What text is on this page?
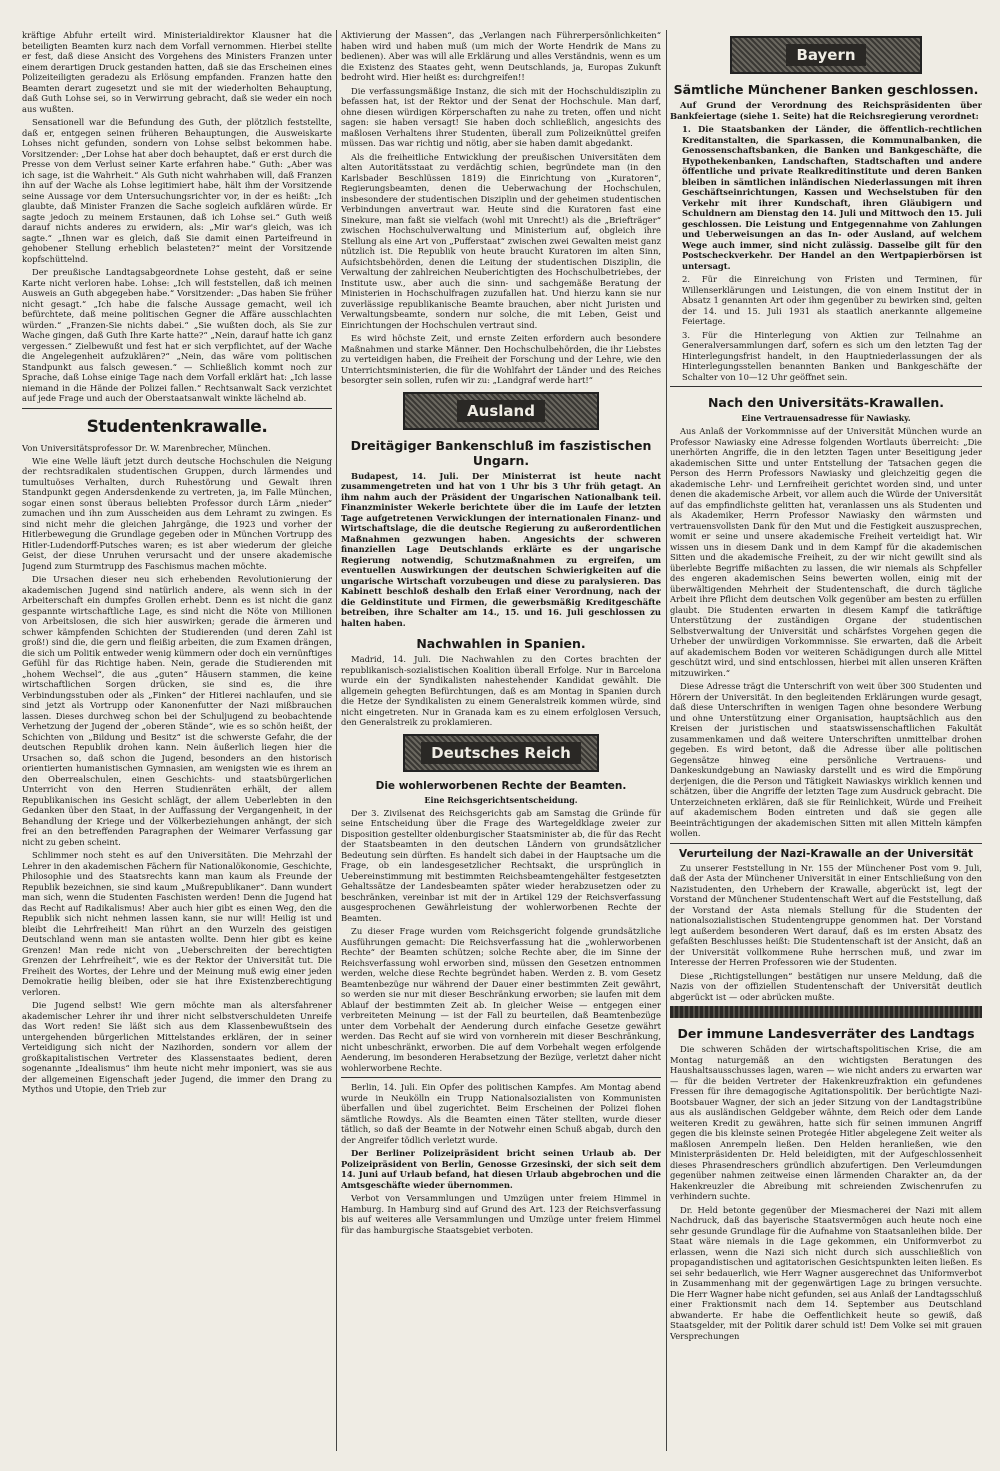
kräftige Abfuhr erteilt wird. Ministerialdirektor Klausner hat die beteiligten Beamten kurz nach dem Vorfall vernommen. Hierbei stellte er fest, daß diese Ansicht des Vorgehens des Ministers Franzen unter einem derartigen Druck gestanden hatten, daß sie das Erscheinen eines Polizeiteiligten geradezu als Erlösung empfanden. Franzen hatte den Beamten derart zugesetzt und sie mit der wiederholten Behauptung, daß Guth Lohse sei, so in Verwirrung gebracht, daß sie weder ein noch aus wußten.

Sensationell war die Befundung des Guth, der plötzlich feststellte, daß er, entgegen seinen früheren Behauptungen, die Ausweiskarte Lohses nicht gefunden, sondern von Lohse selbst bekommen habe. Vorsitzender: „Der Lohse hat aber doch behauptet, daß er erst durch die Presse von dem Verlust seiner Karte erfahren habe.“ Guth: „Aber was ich sage, ist die Wahrheit.“ Als Guth nicht wahrhaben will, daß Franzen ihn auf der Wache als Lohse legitimiert habe, hält ihm der Vorsitzende seine Aussage vor dem Untersuchungsrichter vor, in der es heißt: „Ich glaubte, daß Minister Franzen die Sache sogleich aufklären würde. Er sagte jedoch zu meinem Erstaunen, daß ich Lohse sei.“ Guth weiß darauf nichts anderes zu erwidern, als: „Mir war's gleich, was ich sagte.“ „Ihnen war es gleich, daß Sie damit einen Parteifreund in gehobener Stellung erheblich belasteten?“ meint der Vorsitzende kopfschüttelnd.

Der preußische Landtagsabgeordnete Lohse gesteht, daß er seine Karte nicht verloren habe. Lohse: „Ich will feststellen, daß ich meinen Ausweis an Guth abgegeben habe.“ Vorsitzender: „Das haben Sie früher nicht gesagt.“ „Ich habe die falsche Aussage gemacht, weil ich befürchtete, daß meine politischen Gegner die Affäre ausschlachten würden.“ „Franzen-Sie nichts dabei.“ „Sie wußten doch, als Sie zur Wache gingen, daß Guth Ihre Karte hatte?“ „Nein, darauf hatte ich ganz vergessen.“ Zielbewußt und fest hat er sich verpflichtet, auf der Wache die Angelegenheit aufzuklären?“ „Nein, das wäre vom politischen Standpunkt aus falsch gewesen.“ — Schließlich kommt noch zur Sprache, daß Lohse einige Tage nach dem Vorfall erklärt hat: „Ich lasse niemand in die Hände der Polizei fallen.“ Rechtsanwalt Sack verzichtet auf jede Frage und auch der Oberstaatsanwalt winkte lächelnd ab.

Studentenkrawalle.
Von Universitätsprofessor Dr. W. Marenbrecher, München.

Wie eine Welle läuft jetzt durch deutsche Hochschulen die Neigung der rechtsradikalen studentischen Gruppen, durch lärmendes und tumultuöses Verhalten, durch Ruhestörung und Gewalt ihren Standpunkt gegen Andersdenkende zu vertreten, ja, im Falle München, sogar einen sonst überaus beliebten Professor durch Lärm „nieder“ zumachen und ihn zum Ausscheiden aus dem Lehramt zu zwingen. Es sind nicht mehr die gleichen Jahrgänge, die 1923 und vorher der Hitlerbewegung die Grundlage gegeben oder in München Vortrupp des Hitler-Ludendorff-Putsches waren; es ist aber wiederum der gleiche Geist, der diese Unruhen verursacht und der unsere akademische Jugend zum Sturmtrupp des Faschismus machen möchte.

Die Ursachen dieser neu sich erhebenden Revolutionierung der akademischen Jugend sind natürlich andere, als wenn sich in der Arbeiterschaft ein dumpfes Grollen erhebt. Denn es ist nicht die ganz gespannte wirtschaftliche Lage, es sind nicht die Nöte von Millionen von Arbeitslosen, die sich hier auswirken; gerade die ärmeren und schwer kämpfenden Schichten der Studierenden (und deren Zahl ist groß!) sind die, die gern und fleißig arbeiten, die zum Examen drängen, die sich um Politik entweder wenig kümmern oder doch ein vernünftiges Gefühl für das Richtige haben. Nein, gerade die Studierenden mit „hohem Wechsel“, die aus „guten“ Häusern stammen, die keine wirtschaftlichen Sorgen drücken, sie sind es, die ihre Verbindungsstuben oder als „Finken“ der Hitlerei nachlaufen, und sie sind jetzt als Vortrupp oder Kanonenfutter der Nazi mißbrauchen lassen. Dieses durchweg schon bei der Schuljugend zu beobachtende Verhetzung der Jugend der „oberen Stände“, wie es so schön heißt, der Schichten von „Bildung und Besitz“ ist die schwerste Gefahr, die der deutschen Republik drohen kann. Nein äußerlich liegen hier die Ursachen so, daß schon die Jugend, besonders an den historisch orientierten humanistischen Gymnasien, am wenigsten wie es ihrem an den Oberrealschulen, einen Geschichts- und staatsbürgerlichen Unterricht von den Herren Studienräten erhält, der allem Republikanischen ins Gesicht schlägt, der allem Ueberlebten in den Gedanken über den Staat, in der Auffassung der Vergangenheit, in der Behandlung der Kriege und der Völkerbeziehungen anhängt, der sich frei an den betreffenden Paragraphen der Weimarer Verfassung gar nicht zu geben scheint.

Schlimmer noch steht es auf den Universitäten. Die Mehrzahl der Lehrer in den akademischen Fächern für Nationalökonomie, Geschichte, Philosophie und des Staatsrechts kann man kaum als Freunde der Republik bezeichnen, sie sind kaum „Mußrepublikaner“. Dann wundert man sich, wenn die Studenten Faschisten werden! Denn die Jugend hat das Recht auf Radikalismus! Aber auch hier gibt es einen Weg, den die Republik sich nicht nehmen lassen kann, sie nur will! Heilig ist und bleibt die Lehrfreiheit! Man rührt an den Wurzeln des geistigen Deutschland wenn man sie antasten wollte. Denn hier gibt es keine Grenzen! Man rede nicht von „Ueberschreiten der berechtigten Grenzen der Lehrfreiheit“, wie es der Rektor der Universität tut. Die Freiheit des Wortes, der Lehre und der Meinung muß ewig einer jeden Demokratie heilig bleiben, oder sie hat ihre Existenzberechtigung verloren.

Die Jugend selbst! Wie gern möchte man als altersfahrener akademischer Lehrer ihr und ihrer nicht selbstverschuldeten Unreife das Wort reden! Sie läßt sich aus dem Klassenbewußtsein des untergehenden bürgerlichen Mittelstandes erklären, der in seiner Verteidigung sich nicht der Nazihorden, sondern vor allem der großkapitalistischen Vertreter des Klassenstaates bedient, deren sogenannte „Idealismus“ ihm heute nicht mehr imponiert, was sie aus der allgemeinen Eigenschaft jeder Jugend, die immer den Drang zu Mythos und Utopie, den Trieb zur

Aktivierung der Massen“, das „Verlangen nach Führerpersönlichkeiten“ haben wird und haben muß (um mich der Worte Hendrik de Mans zu bedienen). Aber was will alle Erklärung und alles Verständnis, wenn es um die Existenz des Staates geht, wenn Deutschlands, ja, Europas Zukunft bedroht wird. Hier heißt es: durchgreifen!!

Die verfassungsmäßige Instanz, die sich mit der Hochschuldisziplin zu befassen hat, ist der Rektor und der Senat der Hochschule. Man darf, ohne diesen würdigen Körperschaften zu nahe zu treten, offen und nicht sagen: sie haben versagt! Sie haben doch schließlich, angesichts des maßlosen Verhaltens ihrer Studenten, überall zum Polizeiknüttel greifen müssen. Das war richtig und nötig, aber sie haben damit abgedankt.

Als die freiheitliche Entwicklung der preußischen Universitäten dem alten Autoritätsstaat zu verdächtig schien, begründete man (in den Karlsbader Beschlüssen 1819) die Einrichtung von „Kuratoren“, Regierungsbeamten, denen die Ueberwachung der Hochschulen, insbesondere der studentischen Disziplin und der geheimen studentischen Verbindungen anvertraut war. Heute sind die Kuratoren fast eine Sinekure, man faßt sie vielfach (wohl mit Unrecht!) als die „Briefträger“ zwischen Hochschulverwaltung und Ministerium auf, obgleich ihre Stellung als eine Art von „Pufferstaat“ zwischen zwei Gewalten meist ganz nützlich ist. Die Republik von heute braucht Kuratoren im alten Sinn, Aufsichtsbehörden, denen die Leitung der studentischen Disziplin, die Verwaltung der zahlreichen Neuberichtigten des Hochschulbetriebes, der Institute usw., aber auch die sinn- und sachgemäße Beratung der Ministerien in Hochschulfragen zuzufallen hat. Und hierzu kann sie nur zuverlässige republikanische Beamte brauchen, aber nicht Juristen und Verwaltungsbeamte, sondern nur solche, die mit Leben, Geist und Einrichtungen der Hochschulen vertraut sind.

Es wird höchste Zeit, und ernste Zeiten erfordern auch besondere Maßnahmen und starke Männer. Den Hochschulbehörden, die ihr Liebstes zu verteidigen haben, die Freiheit der Forschung und der Lehre, wie den Unterrichtsministerien, die für die Wohlfahrt der Länder und des Reiches besorgter sein sollen, rufen wir zu: „Landgraf werde hart!“

Ausland
Dreitägiger Bankenschluß im faszistischen Ungarn.

Budapest, 14. Juli. Der Ministerrat ist heute nacht zusammengetreten und hat von 1 Uhr bis 3 Uhr früh getagt. An ihm nahm auch der Präsident der Ungarischen Nationalbank teil. Finanzminister Wekerle berichtete über die im Laufe der letzten Tage aufgetretenen Verwicklungen der internationalen Finanz- und Wirtschaftslage, die die deutsche Regierung zu außerordentlichen Maßnahmen gezwungen haben. Angesichts der schweren finanziellen Lage Deutschlands erklärte es der ungarische Regierung notwendig, Schutzmaßnahmen zu ergreifen, um eventuellen Auswirkungen der deutschen Schwierigkeiten auf die ungarische Wirtschaft vorzubeugen und diese zu paralysieren. Das Kabinett beschloß deshalb den Erlaß einer Verordnung, nach der die Geldinstitute und Firmen, die gewerbsmäßig Kreditgeschäfte betreiben, ihre Schalter am 14., 15. und 16. Juli geschlossen zu halten haben.

Nachwahlen in Spanien.

Madrid, 14. Juli. Die Nachwahlen zu den Cortes brachten der republikanisch-sozialistischen Koalition überall Erfolge. Nur in Barcelona wurde ein der Syndikalisten nahestehender Kandidat gewählt. Die allgemein gehegten Befürchtungen, daß es am Montag in Spanien durch die Hetze der Syndikalisten zu einem Generalstreik kommen würde, sind nicht eingetreten. Nur in Granada kam es zu einem erfolglosen Versuch, den Generalstreik zu proklamieren.

Deutsches Reich
Die wohlerworbenen Rechte der Beamten.
Eine Reichsgerichtsentscheidung.

Der 3. Zivilsenat des Reichsgerichts gab am Samstag die Gründe für seine Entscheidung über die Frage des Wartegeldklage zweier zur Disposition gestellter oldenburgischer Staatsminister ab, die für das Recht der Staatsbeamten in den deutschen Ländern von grundsätzlicher Bedeutung sein dürften. Es handelt sich dabei in der Hauptsache um die Frage, ob ein landesgesetzlicher Rechtsakt, die ursprünglich in Uebereinstimmung mit bestimmten Reichsbeamtengehälter festgesetzten Gehaltssätze der Landesbeamten später wieder herabzusetzen oder zu beschränken, vereinbar ist mit der in Artikel 129 der Reichsverfassung ausgesprochenen Gewährleistung der wohlerworbenen Rechte der Beamten.

Zu dieser Frage wurden vom Reichsgericht folgende grundsätzliche Ausführungen gemacht: Die Reichsverfassung hat die „wohlerworbenen Rechte“ der Beamten schützen; solche Rechte aber, die im Sinne der Reichsverfassung wohl erworben sind, müssen den Gesetzen entnommen werden, welche diese Rechte begründet haben. Werden z. B. vom Gesetz Beamtenbezüge nur während der Dauer einer bestimmten Zeit gewährt, so werden sie nur mit dieser Beschränkung erworben; sie laufen mit dem Ablauf der bestimmten Zeit ab. In gleicher Weise — entgegen einer verbreiteten Meinung — ist der Fall zu beurteilen, daß Beamtenbezüge unter dem Vorbehalt der Aenderung durch einfache Gesetze gewährt werden. Das Recht auf sie wird von vornherein mit dieser Beschränkung, nicht unbeschränkt, erworben. Die auf dem Vorbehalt wegen erfolgende Aenderung, im besonderen Herabsetzung der Bezüge, verletzt daher nicht wohlerworbene Rechte.

Berlin, 14. Juli. Ein Opfer des politischen Kampfes. Am Montag abend wurde in Neukölln ein Trupp Nationalsozialisten von Kommunisten überfallen und übel zugerichtet. Beim Erscheinen der Polizei flohen sämtliche Rowdys. Als die Beamten einen Täter stellten, wurde dieser tätlich, so daß der Beamte in der Notwehr einen Schuß abgab, durch den der Angreifer tödlich verletzt wurde.

Der Berliner Polizeipräsident bricht seinen Urlaub ab. Der Polizeipräsident von Berlin, Genosse Grzesinski, der sich seit dem 14. Juni auf Urlaub befand, hat diesen Urlaub abgebrochen und die Amtsgeschäfte wieder übernommen.

Verbot von Versammlungen und Umzügen unter freiem Himmel in Hamburg. In Hamburg sind auf Grund des Art. 123 der Reichsverfassung bis auf weiteres alle Versammlungen und Umzüge unter freiem Himmel für das hamburgische Staatsgebiet verboten.

Bayern
Sämtliche Münchener Banken geschlossen.

Auf Grund der Verordnung des Reichspräsidenten über Bankfeiertage (siehe 1. Seite) hat die Reichsregierung verordnet:

1. Die Staatsbanken der Länder, die öffentlich-rechtlichen Kreditanstalten, die Sparkassen, die Kommunalbanken, die Genossenschaftsbanken, die Banken und Bankgeschäfte, die Hypothekenbanken, Landschaften, Stadtschaften und andere öffentliche und private Realkreditinstitute und deren Banken bleiben in sämtlichen inländischen Niederlassungen mit ihren Geschäftseinrichtungen, Kassen und Wechselstuben für den Verkehr mit ihrer Kundschaft, ihren Gläubigern und Schuldnern am Dienstag den 14. Juli und Mittwoch den 15. Juli geschlossen. Die Leistung und Entgegennahme von Zahlungen und Ueberweisungen an das In- oder Ausland, auf welchem Wege auch immer, sind nicht zulässig. Dasselbe gilt für den Postscheckverkehr. Der Handel an den Wertpapierbörsen ist untersagt.

2. Für die Einreichung von Fristen und Terminen, für Willenserklärungen und Leistungen, die von einem Institut der in Absatz 1 genannten Art oder ihm gegenüber zu bewirken sind, gelten der 14. und 15. Juli 1931 als staatlich anerkannte allgemeine Feiertage.

3. Für die Hinterlegung von Aktien zur Teilnahme an Generalversammlungen darf, sofern es sich um den letzten Tag der Hinterlegungsfrist handelt, in den Hauptniederlassungen der als Hinterlegungsstellen benannten Banken und Bankgeschäfte der Schalter von 10—12 Uhr geöffnet sein.

Nach den Universitäts-Krawallen.
Eine Vertrauensadresse für Nawiasky.

Aus Anlaß der Vorkommnisse auf der Universität München wurde an Professor Nawiasky eine Adresse folgenden Wortlauts überreicht: „Die unerhörten Angriffe, die in den letzten Tagen unter Beseitigung jeder akademischen Sitte und unter Entstellung der Tatsachen gegen die Person des Herrn Professors Nawiasky und gleichzeitig gegen die akademische Lehr- und Lernfreiheit gerichtet worden sind, und unter denen die akademische Arbeit, vor allem auch die Würde der Universität auf das empfindlichste gelitten hat, veranlassen uns als Studenten und als Akademiker, Herrn Professor Nawiasky den wärmsten und vertrauensvollsten Dank für den Mut und die Festigkeit auszusprechen, womit er seine und unsere akademische Freiheit verteidigt hat. Wir wissen uns in diesem Dank und in dem Kampf für die akademischen Sitten und die akademische Freiheit, zu der wir nicht gewillt sind als überlebte Begriffe mißachten zu lassen, die wir niemals als Schpfeller des engeren akademischen Seins bewerten wollen, einig mit der überwältigenden Mehrheit der Studentenschaft, die durch tägliche Arbeit ihre Pflicht dem deutschen Volk gegenüber am besten zu erfüllen glaubt. Die Studenten erwarten in diesem Kampf die tatkräftige Unterstützung der zuständigen Organe der studentischen Selbstverwaltung der Universität und schärfstes Vorgehen gegen die Urheber der unwürdigen Vorkommnisse. Sie erwarten, daß die Arbeit auf akademischem Boden vor weiteren Schädigungen durch alle Mittel geschützt wird, und sind entschlossen, hierbei mit allen unseren Kräften mitzuwirken.“

Diese Adresse trägt die Unterschrift von weit über 300 Studenten und Hörern der Universität. In den begleitenden Erklärungen wurde gesagt, daß diese Unterschriften in wenigen Tagen ohne besondere Werbung und ohne Unterstützung einer Organisation, hauptsächlich aus den Kreisen der juristischen und staatswissenschaftlichen Fakultät zusammenkamen und daß weitere Unterschriften unmittelbar drohen gegeben. Es wird betont, daß die Adresse über alle politischen Gegensätze hinweg eine persönliche Vertrauens- und Dankeskundgebung an Nawiasky darstellt und es wird die Empörung derjenigen, die die Person und Tätigkeit Nawiaskys wirklich kennen und schätzen, über die Angriffe der letzten Tage zum Ausdruck gebracht. Die Unterzeichneten erklären, daß sie für Reinlichkeit, Würde und Freiheit auf akademischem Boden eintreten und daß sie gegen alle Beeinträchtigungen der akademischen Sitten mit allen Mitteln kämpfen wollen.

Verurteilung der Nazi-Krawalle an der Universität

Zu unserer Feststellung in Nr. 155 der Münchener Post vom 9. Juli, daß der Asta der Münchener Universität in einer Entschließung von den Nazistudenten, den Urhebern der Krawalle, abgerückt ist, legt der Vorstand der Münchener Studentenschaft Wert auf die Feststellung, daß der Vorstand der Asta niemals Stellung für die Studenten der nationalsozialistischen Studentengruppe genommen hat. Der Vorstand legt außerdem besonderen Wert darauf, daß es im ersten Absatz des gefaßten Beschlusses heißt: Die Studentenschaft ist der Ansicht, daß an der Universität vollkommene Ruhe herrschen muß, und zwar im Interesse der Herren Professoren wie der Studenten.

Diese „Richtigstellungen“ bestätigen nur unsere Meldung, daß die Nazis von der offiziellen Studentenschaft der Universität deutlich abgerückt ist — oder abrücken mußte.

Der immune Landesverräter des Landtags

Die schweren Schäden der wirtschaftspolitischen Krise, die am Montag naturgemäß an den wichtigsten Beratungen des Haushaltsausschusses lagen, waren — wie nicht anders zu erwarten war — für die beiden Vertreter der Hakenkreuzfraktion ein gefundenes Fressen für ihre demagogische Agitationspolitik. Der berüchtigte Nazi-Bootsbauer Wagner, der sich an jeder Sitzung von der Landtagstribüne aus als ausländischen Geldgeber wähnte, dem Reich oder dem Lande weiteren Kredit zu gewähren, hatte sich für seinen immunen Angriff gegen die bis kleinste seinen Protegée Hitler abgelegene Zeit weiter als maßlosen Anrempeln ließen. Den Helden heranließen, wie den Ministerpräsidenten Dr. Held beleidigten, mit der Aufgeschlossenheit dieses Phrasendreschers gründlich abzufertigen. Den Verleumdungen gegenüber nahmen zeitweise einen lärmenden Charakter an, da der Hakenkreuzler die Abreibung mit schreienden Zwischenrufen zu verhindern suchte.

Dr. Held betonte gegenüber der Miesmacherei der Nazi mit allem Nachdruck, daß das bayerische Staatsvermögen auch heute noch eine sehr gesunde Grundlage für die Aufnahme von Staatsanleihen bilde. Der Staat wäre niemals in die Lage gekommen, ein Uniformverbot zu erlassen, wenn die Nazi sich nicht durch sich ausschließlich von propagandistischen und agitatorischen Gesichtspunkten leiten ließen. Es sei sehr bedauerlich, wie Herr Wagner ausgerechnet das Uniformverbot in Zusammenhang mit der gegenwärtigen Lage zu bringen versuchte. Die Herr Wagner habe nicht gefunden, sei aus Anlaß der Landtagsschluß einer Fraktionsmit nach dem 14. September aus Deutschland abwanderte. Er habe die Oeffentlichkeit heute so gewiß, daß Staatsgelder, mit der Politik darer schuld ist! Dem Volke sei mit grauen Versprechungen
